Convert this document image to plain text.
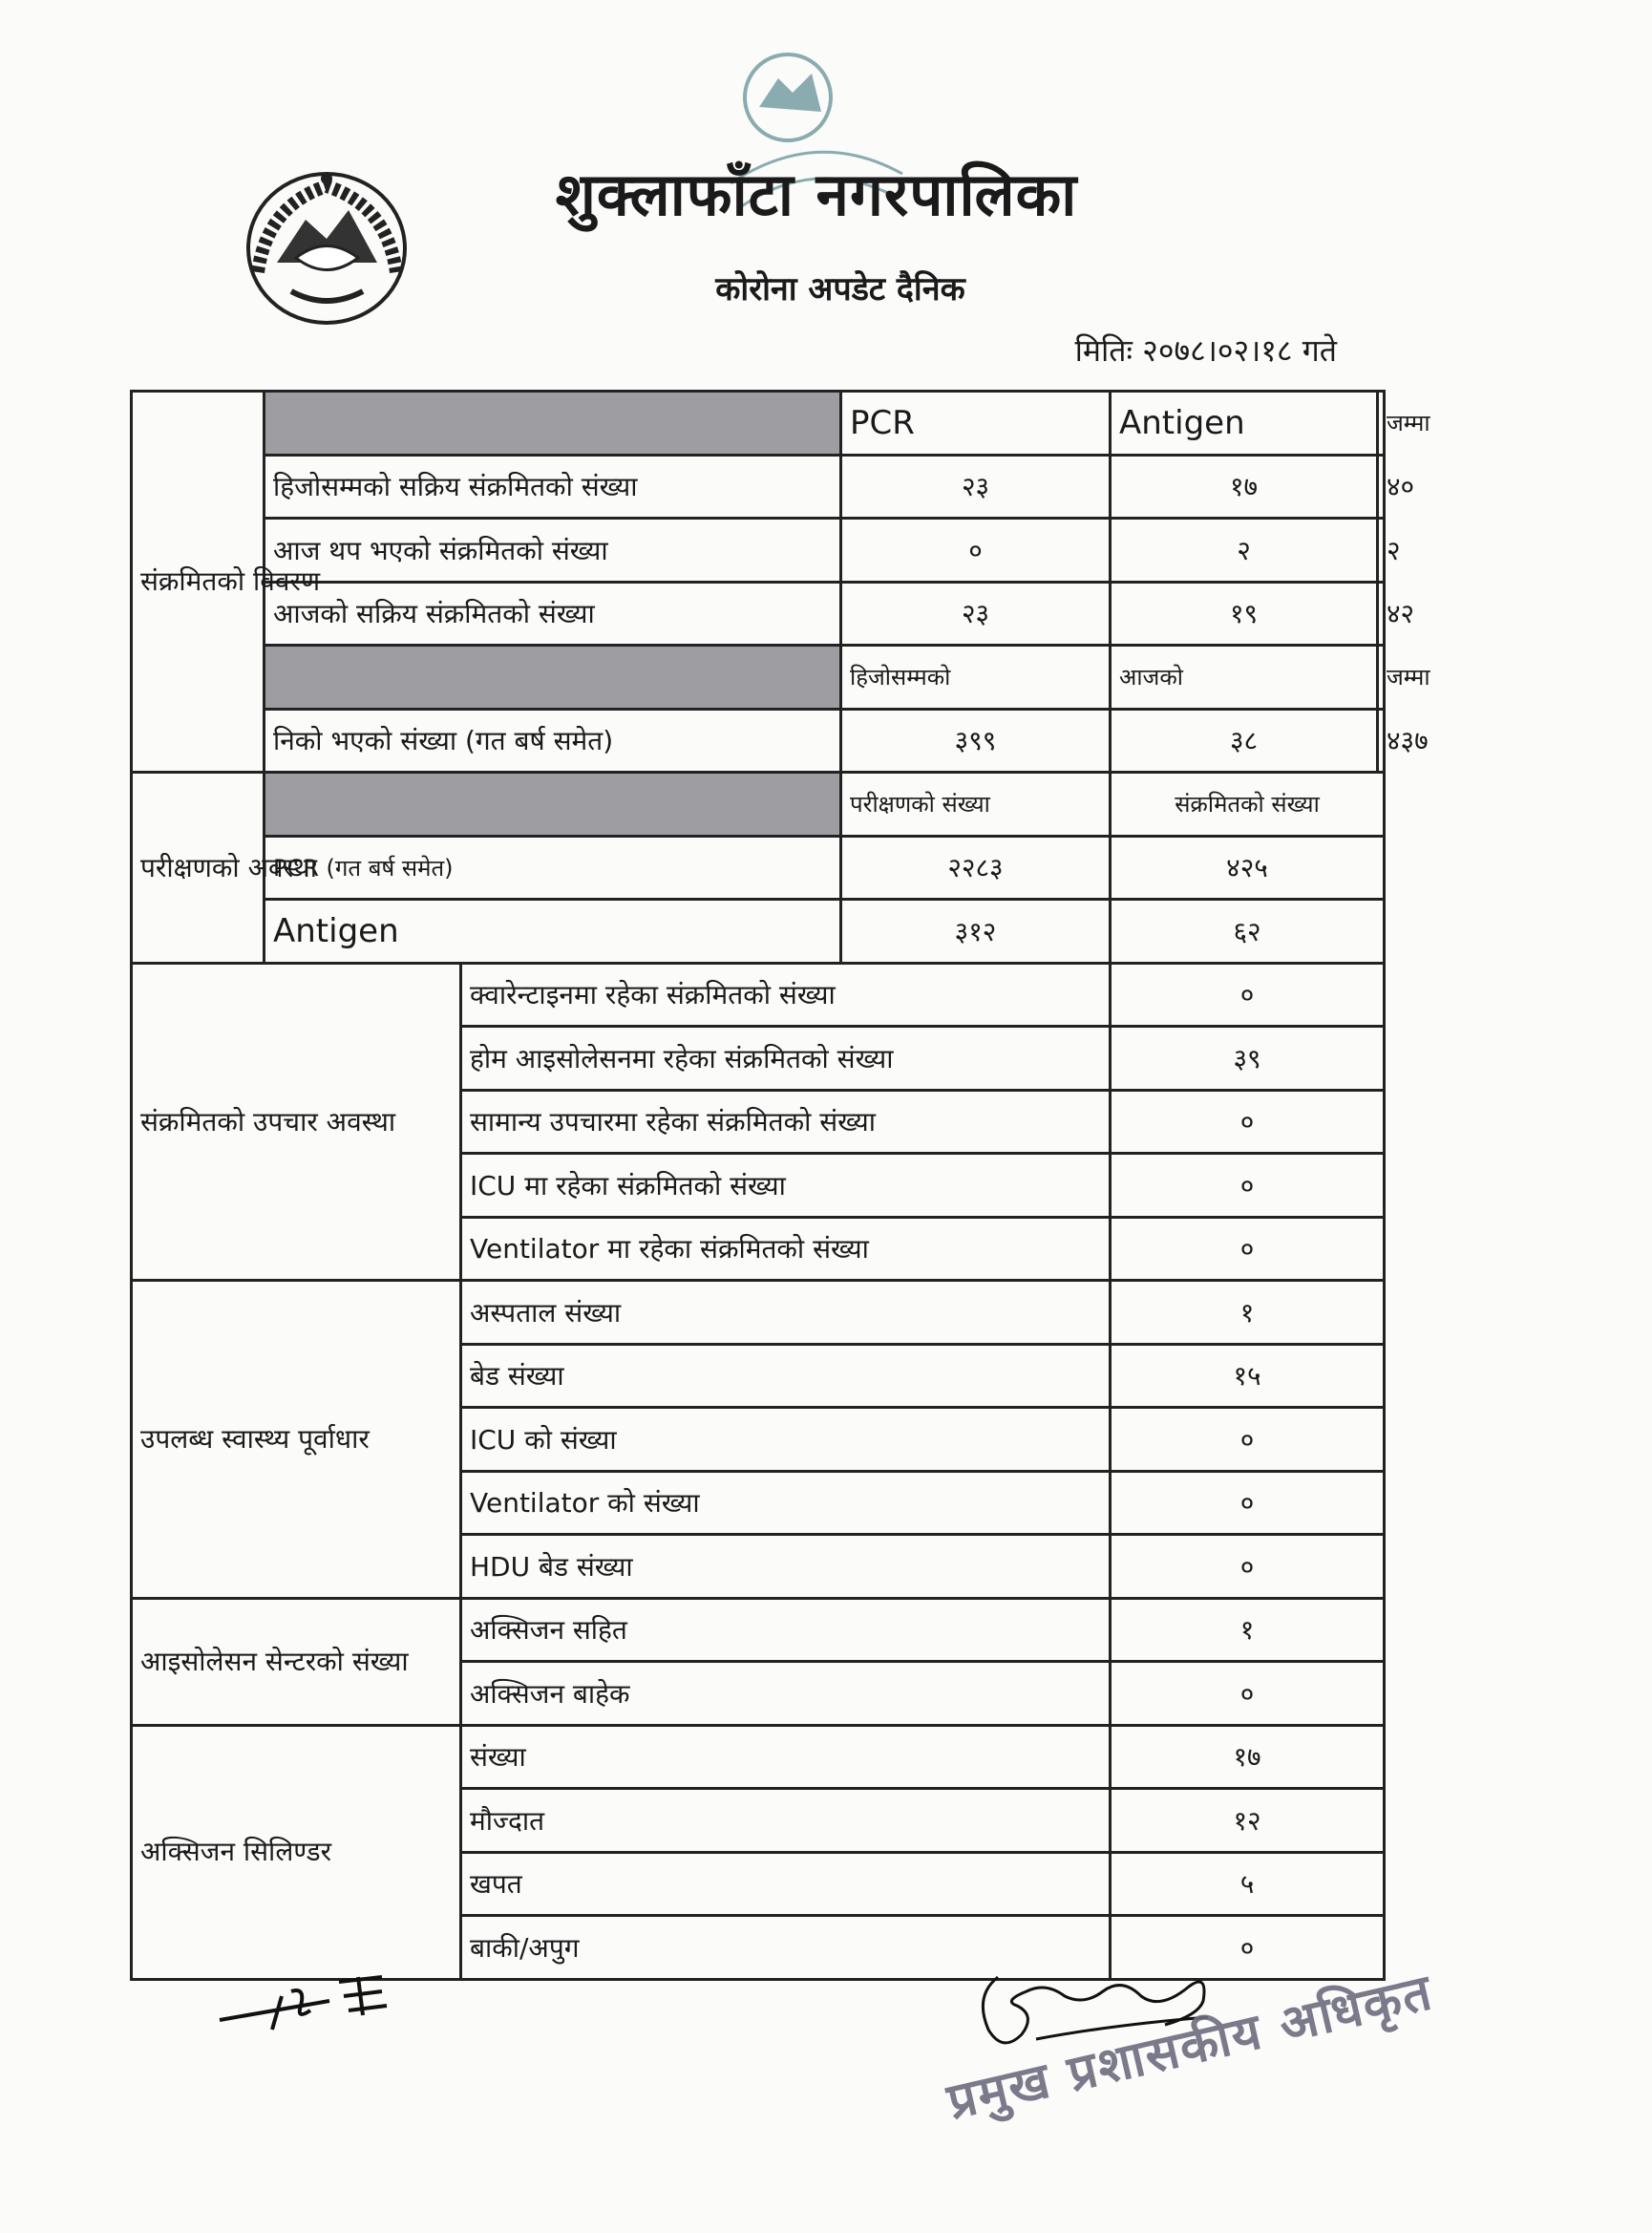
शुक्लाफाँटा नगरपालिका
कोरोना अपडेट दैनिक
मितिः २०७८।०२।१८ गते
संक्रमितको विवरण			PCR	Antigen	जम्मा
	हिजोसम्मको सक्रिय संक्रमितको संख्या		२३	१७	४०
	आज थप भएको संक्रमितको संख्या		०	२	२
	आजको सक्रिय संक्रमितको संख्या		२३	१९	४२
			हिजोसम्मको	आजको	जम्मा
	निको भएको संख्या (गत बर्ष समेत)		३९९	३८	४३७
परीक्षणको अवस्था			परीक्षणको संख्या	संक्रमितको संख्या	
	PCR (गत बर्ष समेत)		२२८३	४२५	
	Antigen		३१२	६२	
संक्रमितको उपचार अवस्था		क्वारेन्टाइनमा रहेका संक्रमितको संख्या		०	
		होम आइसोलेसनमा रहेका संक्रमितको संख्या		३९	
		सामान्य उपचारमा रहेका संक्रमितको संख्या		०	
		ICU मा रहेका संक्रमितको संख्या		०	
		Ventilator मा रहेका संक्रमितको संख्या		०	
उपलब्ध स्वास्थ्य पूर्वाधार		अस्पताल संख्या		१	
		बेड संख्या		१५	
		ICU को संख्या		०	
		Ventilator को संख्या		०	
		HDU बेड संख्या		०	
आइसोलेसन सेन्टरको संख्या		अक्सिजन सहित		१	
		अक्सिजन बाहेक		०	
अक्सिजन सिलिण्डर		संख्या		१७	
		मौज्दात		१२	
		खपत		५	
		बाकी/अपुग		०	
प्रमुख प्रशासकीय अधिकृत
